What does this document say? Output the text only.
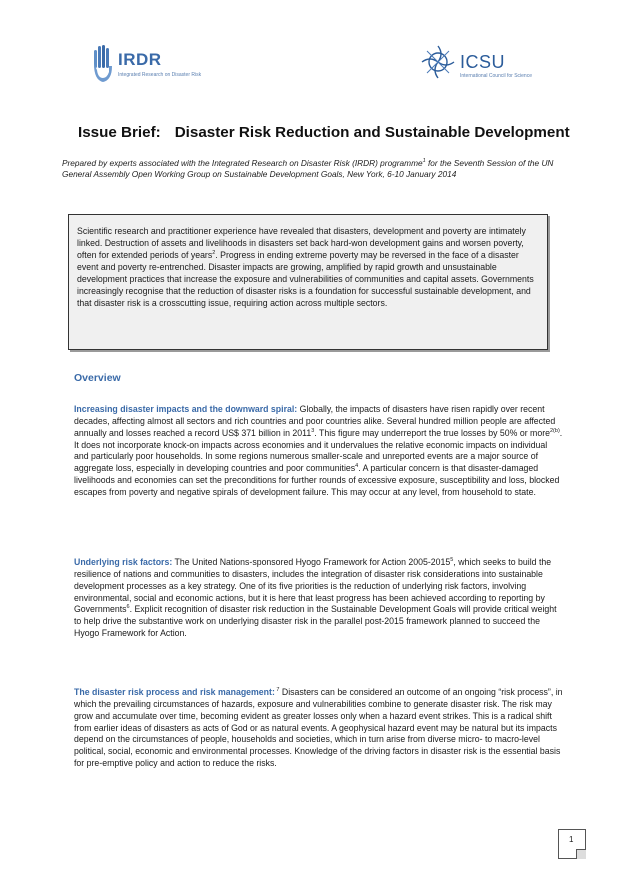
IRDR
Integrated Research on Disaster Risk
ICSU
International Council for Science
Issue Brief: Disaster Risk Reduction and Sustainable Development
Prepared by experts associated with the Integrated Research on Disaster Risk (IRDR) programme$^1$ for the Seventh Session of the UN General Assembly Open Working Group on Sustainable Development Goals, New York, 6-10 January 2014
Scientific research and practitioner experience have revealed that disasters, development and poverty are intimately linked. Destruction of assets and livelihoods in disasters set back hard-won development gains and worsen poverty, often for extended periods of years$^2$. Progress in ending extreme poverty may be reversed in the face of a disaster event and poverty re-entrenched. Disaster impacts are growing, amplified by rapid growth and unsustainable development practices that increase the exposure and vulnerabilities of communities and capital assets. Governments increasingly recognise that the reduction of disaster risks is a foundation for successful sustainable development, and that disaster risk is a crosscutting issue, requiring action across multiple sectors.
Overview
Increasing disaster impacts and the downward spiral: Globally, the impacts of disasters have risen rapidly over recent decades, affecting almost all sectors and rich countries and poor countries alike. Several hundred million people are affected annually and losses reached a record US$ 371 billion in 2011$^3$. This figure may underreport the true losses by 50% or more$^{2(b)}$. It does not incorporate knock-on impacts across economies and it undervalues the relative economic impacts on individual and particularly poor households. In some regions numerous smaller-scale and unreported events are a major source of aggregate loss, especially in developing countries and poor communities$^4$. A particular concern is that disaster-damaged livelihoods and economies can set the preconditions for further rounds of excessive exposure, susceptibility and loss, blocked escapes from poverty and negative spirals of development failure. This may occur at any level, from household to state.
Underlying risk factors: The United Nations-sponsored Hyogo Framework for Action 2005-2015$^5$, which seeks to build the resilience of nations and communities to disasters, includes the integration of disaster risk considerations into sustainable development processes as a key strategy. One of its five priorities is the reduction of underlying risk factors, involving environmental, social and economic actions, but it is here that least progress has been achieved according to reporting by Governments$^6$. Explicit recognition of disaster risk reduction in the Sustainable Development Goals will provide critical weight to help drive the substantive work on underlying disaster risk in the parallel post-2015 framework planned to succeed the Hyogo Framework for Action.
The disaster risk process and risk management: $^7$ Disasters can be considered an outcome of an ongoing “risk process”, in which the prevailing circumstances of hazards, exposure and vulnerabilities combine to generate disaster risk. The risk may grow and accumulate over time, becoming evident as greater losses only when a hazard event strikes. This is a radical shift from earlier ideas of disasters as acts of God or as natural events. A geophysical hazard event may be natural but its impacts depend on the circumstances of people, households and societies, which in turn arise from diverse micro- to macro-level political, social, economic and environmental processes. Knowledge of the driving factors in disaster risk is the essential basis for pre-emptive policy and action to reduce the risks.
1
